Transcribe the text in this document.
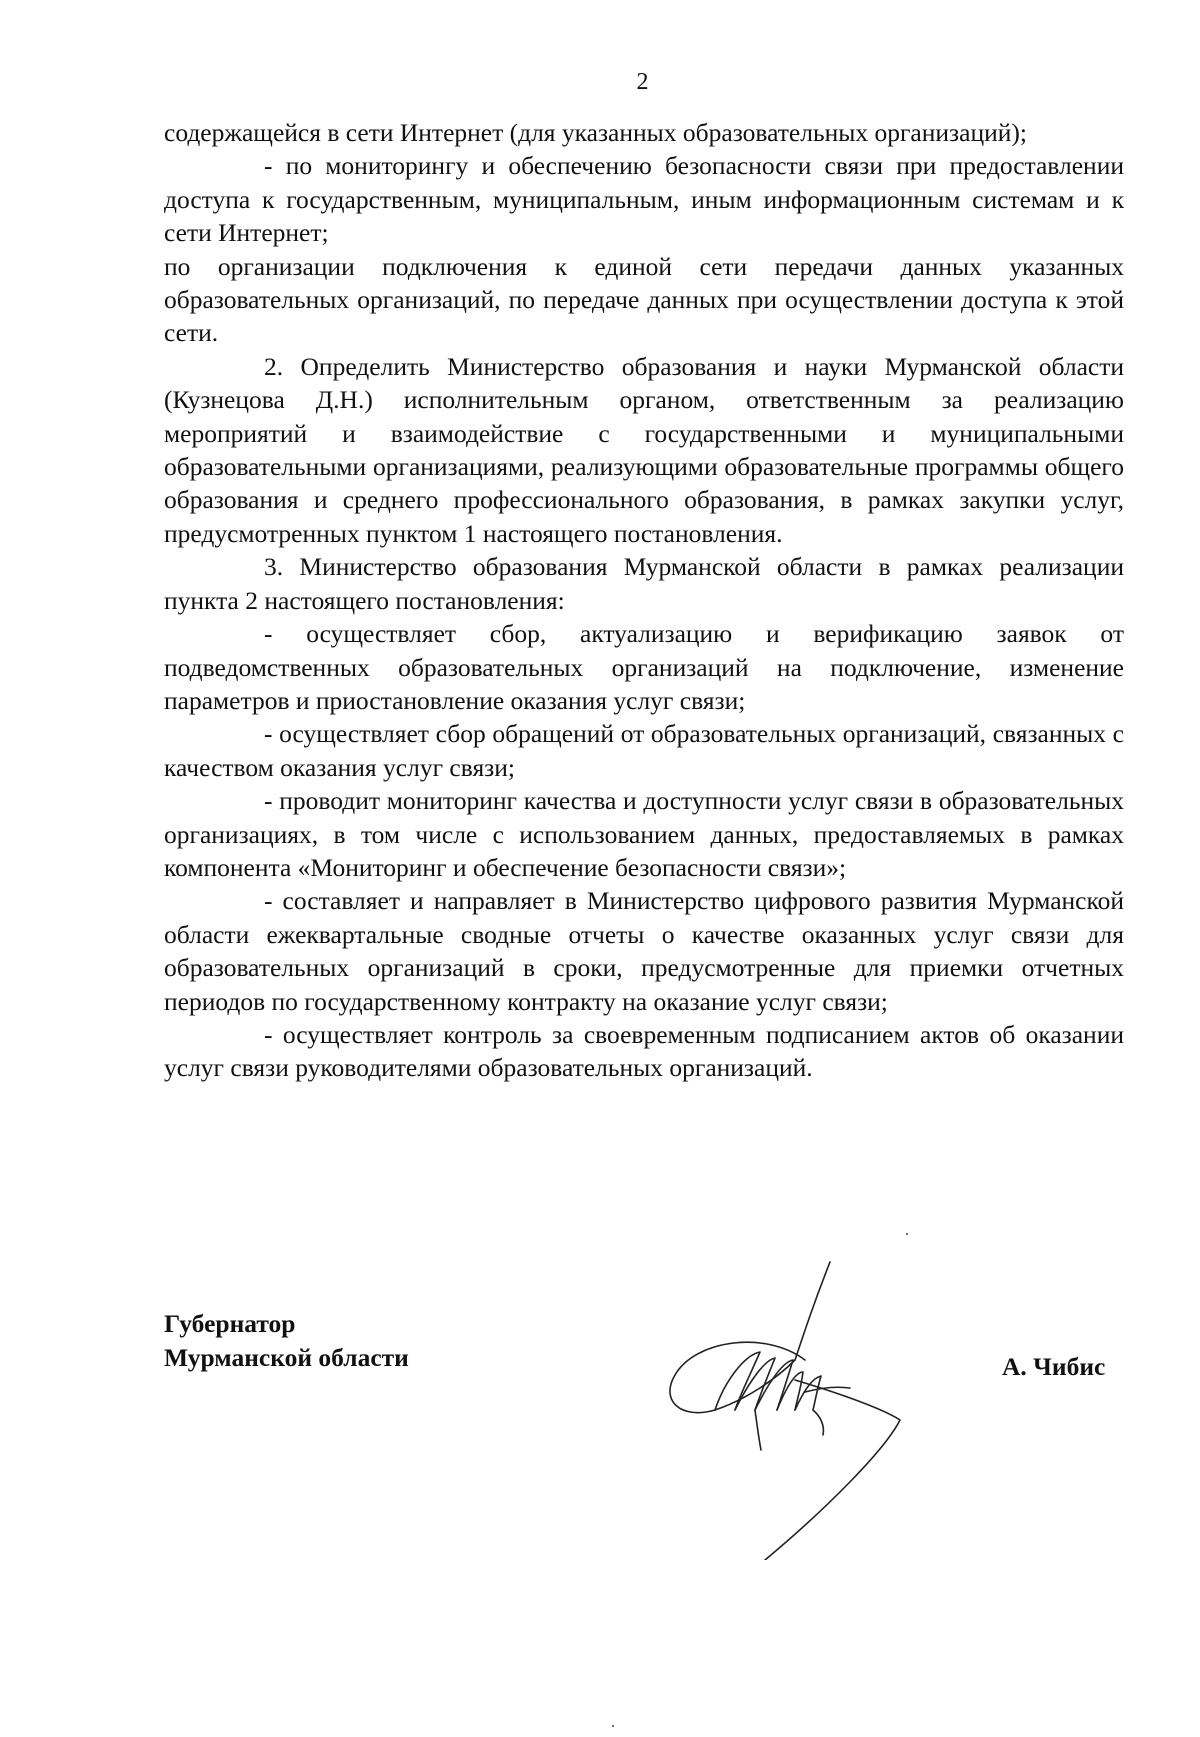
2

содержащейся в сети Интернет (для указанных образовательных организаций);

- по мониторингу и обеспечению безопасности связи при предоставлении доступа к государственным, муниципальным, иным информационным системам и к сети Интернет;

по организации подключения к единой сети передачи данных указанных образовательных организаций, по передаче данных при осуществлении доступа к этой сети.

2. Определить Министерство образования и науки Мурманской области (Кузнецова Д.Н.) исполнительным органом, ответственным за реализацию мероприятий и взаимодействие с государственными и муниципальными образовательными организациями, реализующими образовательные программы общего образования и среднего профессионального образования, в рамках закупки услуг, предусмотренных пунктом 1 настоящего постановления.

3. Министерство образования Мурманской области в рамках реализации пункта 2 настоящего постановления:

- осуществляет сбор, актуализацию и верификацию заявок от подведомственных образовательных организаций на подключение, изменение параметров и приостановление оказания услуг связи;

- осуществляет сбор обращений от образовательных организаций, связанных с качеством оказания услуг связи;

- проводит мониторинг качества и доступности услуг связи в образовательных организациях, в том числе с использованием данных, предоставляемых в рамках компонента «Мониторинг и обеспечение безопасности связи»;

- составляет и направляет в Министерство цифрового развития Мурманской области ежеквартальные сводные отчеты о качестве оказанных услуг связи для образовательных организаций в сроки, предусмотренные для приемки отчетных периодов по государственному контракту на оказание услуг связи;

- осуществляет контроль за своевременным подписанием актов об оказании услуг связи руководителями образовательных организаций.

Губернатор
Мурманской области	А. Чибис
